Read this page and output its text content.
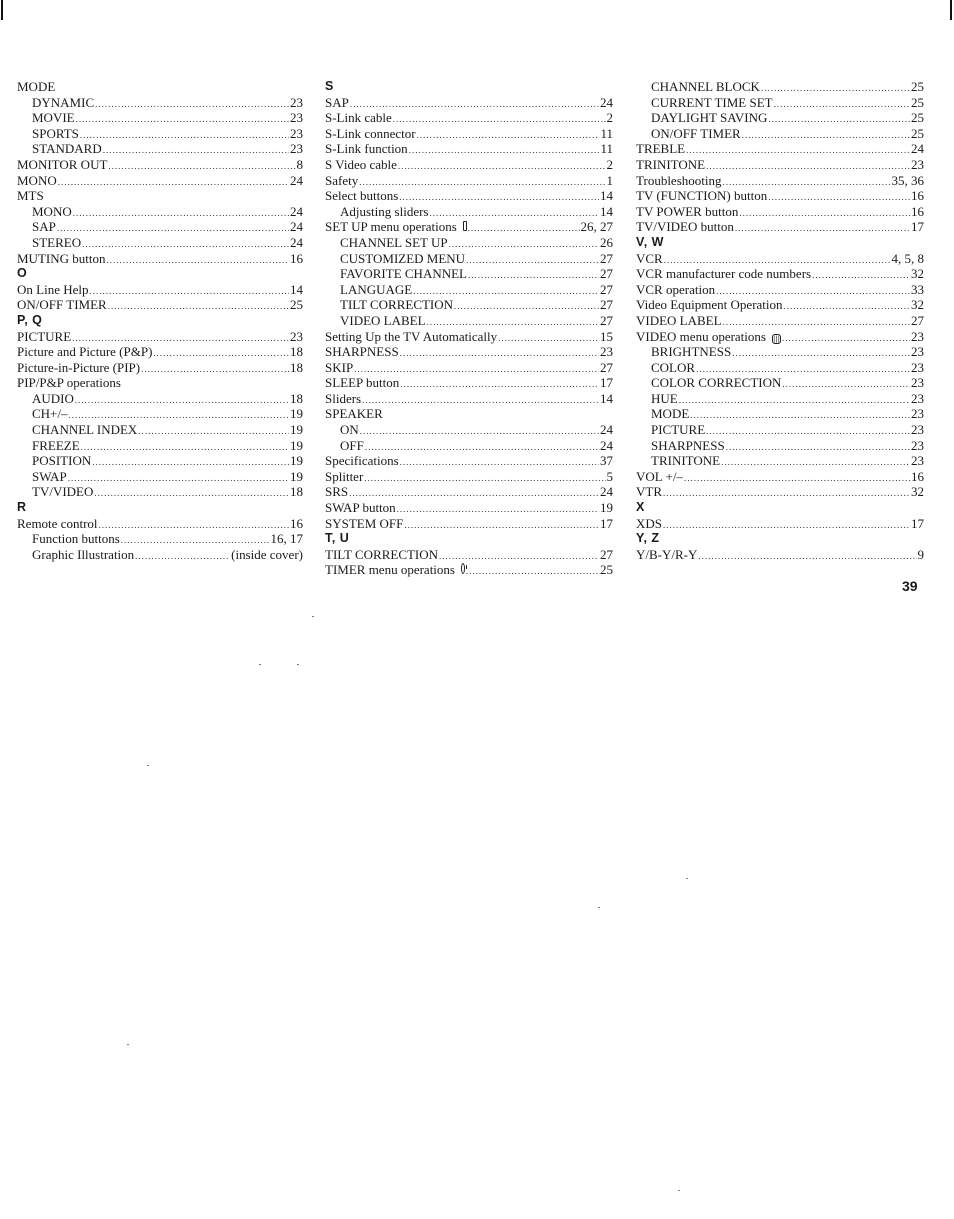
MODE
DYNAMIC .....	23
MOVIE .....	23
SPORTS .....	23
STANDARD .....	23
MONITOR OUT .....	8
MONO .....	24
MTS
MONO .....	24
SAP .....	24
STEREO .....	24
MUTING button .....	16
O
On Line Help .....	14
ON/OFF TIMER .....	25
P, Q
PICTURE .....	23
Picture and Picture (P&P) .....	18
Picture-in-Picture (PIP) .....	18
PIP/P&P operations
AUDIO .....	18
CH+/– .....	19
CHANNEL INDEX .....	19
FREEZE .....	19
POSITION .....	19
SWAP .....	19
TV/VIDEO .....	18
R
Remote control .....	16
Function buttons .....	16, 17
Graphic Illustration .....	(inside cover)
S
SAP .....	24
S-Link cable .....	2
S-Link connector .....	11
S-Link function .....	11
S Video cable .....	2
Safety .....	1
Select buttons .....	14
Adjusting sliders .....	14
SET UP menu operations .....	26, 27
CHANNEL SET UP .....	26
CUSTOMIZED MENU .....	27
FAVORITE CHANNEL .....	27
LANGUAGE .....	27
TILT CORRECTION .....	27
VIDEO LABEL .....	27
Setting Up the TV Automatically .....	15
SHARPNESS .....	23
SKIP .....	27
SLEEP button .....	17
Sliders .....	14
SPEAKER
ON .....	24
OFF .....	24
Specifications .....	37
Splitter .....	5
SRS .....	24
SWAP button .....	19
SYSTEM OFF .....	17
T, U
TILT CORRECTION .....	27
TIMER menu operations .....	25
CHANNEL BLOCK .....	25
CURRENT TIME SET .....	25
DAYLIGHT SAVING .....	25
ON/OFF TIMER .....	25
TREBLE .....	24
TRINITONE .....	23
Troubleshooting .....	35, 36
TV (FUNCTION) button .....	16
TV POWER button .....	16
TV/VIDEO button .....	17
V, W
VCR .....	4, 5, 8
VCR manufacturer code numbers .....	32
VCR operation .....	33
Video Equipment Operation .....	32
VIDEO LABEL .....	27
VIDEO menu operations ||| .....	23
BRIGHTNESS .....	23
COLOR .....	23
COLOR CORRECTION .....	23
HUE .....	23
MODE .....	23
PICTURE .....	23
SHARPNESS .....	23
TRINITONE .....	23
VOL +/– .....	16
VTR .....	32
X
XDS .....	17
Y, Z
Y/B-Y/R-Y .....	9
39
